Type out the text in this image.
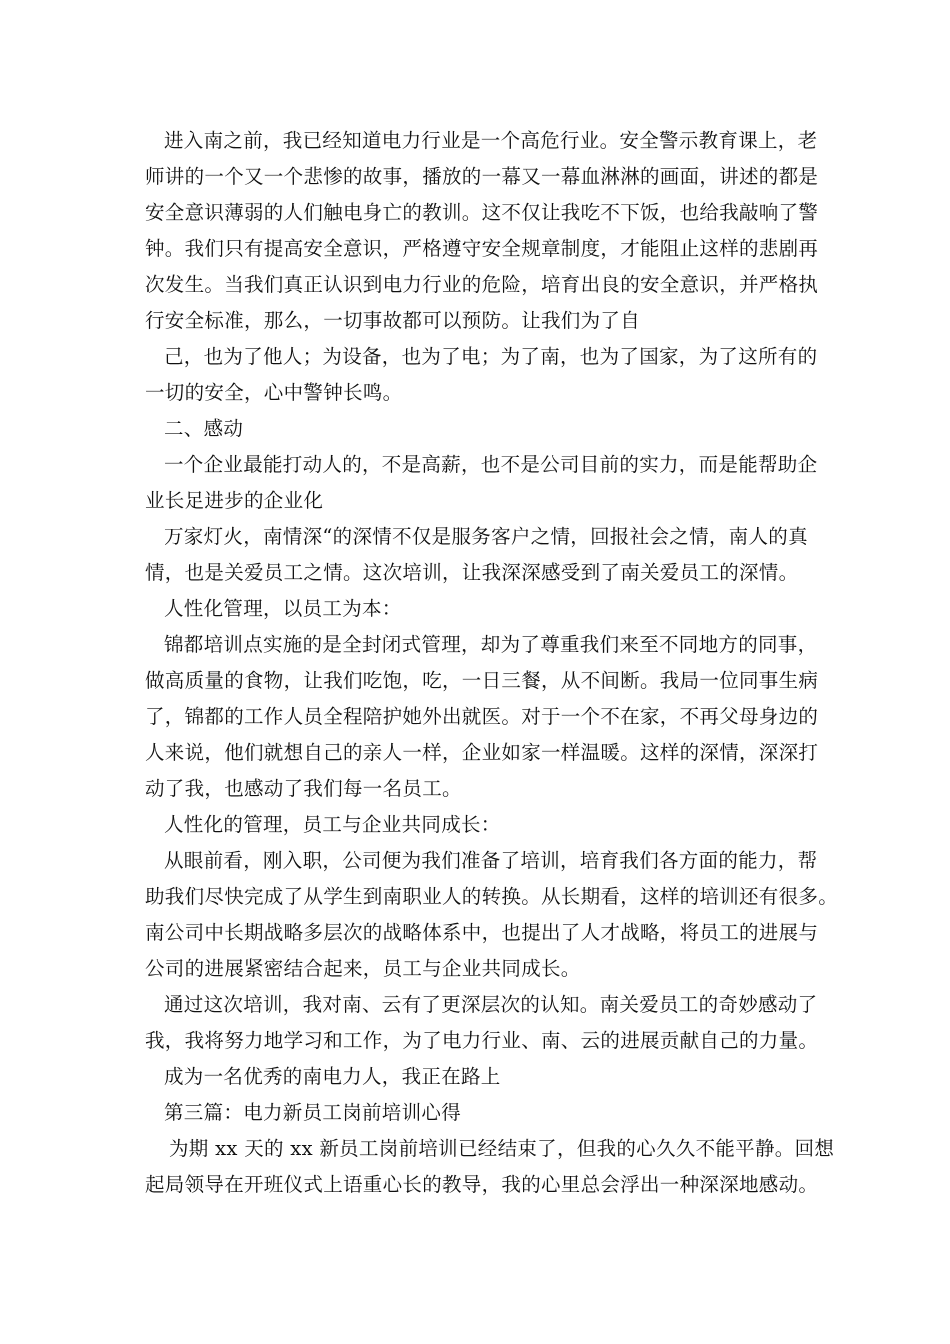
进入南之前，我已经知道电力行业是一个高危行业。安全警示教育课上，老
师讲的一个又一个悲惨的故事，播放的一幕又一幕血淋淋的画面，讲述的都是
安全意识薄弱的人们触电身亡的教训。这不仅让我吃不下饭，也给我敲响了警
钟。我们只有提高安全意识，严格遵守安全规章制度，才能阻止这样的悲剧再
次发生。当我们真正认识到电力行业的危险，培育出良的安全意识，并严格执
行安全标准，那么，一切事故都可以预防。让我们为了自
己，也为了他人；为设备，也为了电；为了南，也为了国家，为了这所有的
一切的安全，心中警钟长鸣。
二、感动
一个企业最能打动人的，不是高薪，也不是公司目前的实力，而是能帮助企
业长足进步的企业化
万家灯火，南情深“的深情不仅是服务客户之情，回报社会之情，南人的真
情，也是关爱员工之情。这次培训，让我深深感受到了南关爱员工的深情。
人性化管理，以员工为本：
锦都培训点实施的是全封闭式管理，却为了尊重我们来至不同地方的同事，
做高质量的食物，让我们吃饱，吃，一日三餐，从不间断。我局一位同事生病
了，锦都的工作人员全程陪护她外出就医。对于一个不在家，不再父母身边的
人来说，他们就想自己的亲人一样，企业如家一样温暖。这样的深情，深深打
动了我，也感动了我们每一名员工。
人性化的管理，员工与企业共同成长：
从眼前看，刚入职，公司便为我们准备了培训，培育我们各方面的能力，帮
助我们尽快完成了从学生到南职业人的转换。从长期看，这样的培训还有很多。
南公司中长期战略多层次的战略体系中，也提出了人才战略，将员工的进展与
公司的进展紧密结合起来，员工与企业共同成长。
通过这次培训，我对南、云有了更深层次的认知。南关爱员工的奇妙感动了
我，我将努力地学习和工作，为了电力行业、南、云的进展贡献自己的力量。
成为一名优秀的南电力人，我正在路上
第三篇：电力新员工岗前培训心得
为期 xx 天的 xx 新员工岗前培训已经结束了，但我的心久久不能平静。回想
起局领导在开班仪式上语重心长的教导，我的心里总会浮出一种深深地感动。
